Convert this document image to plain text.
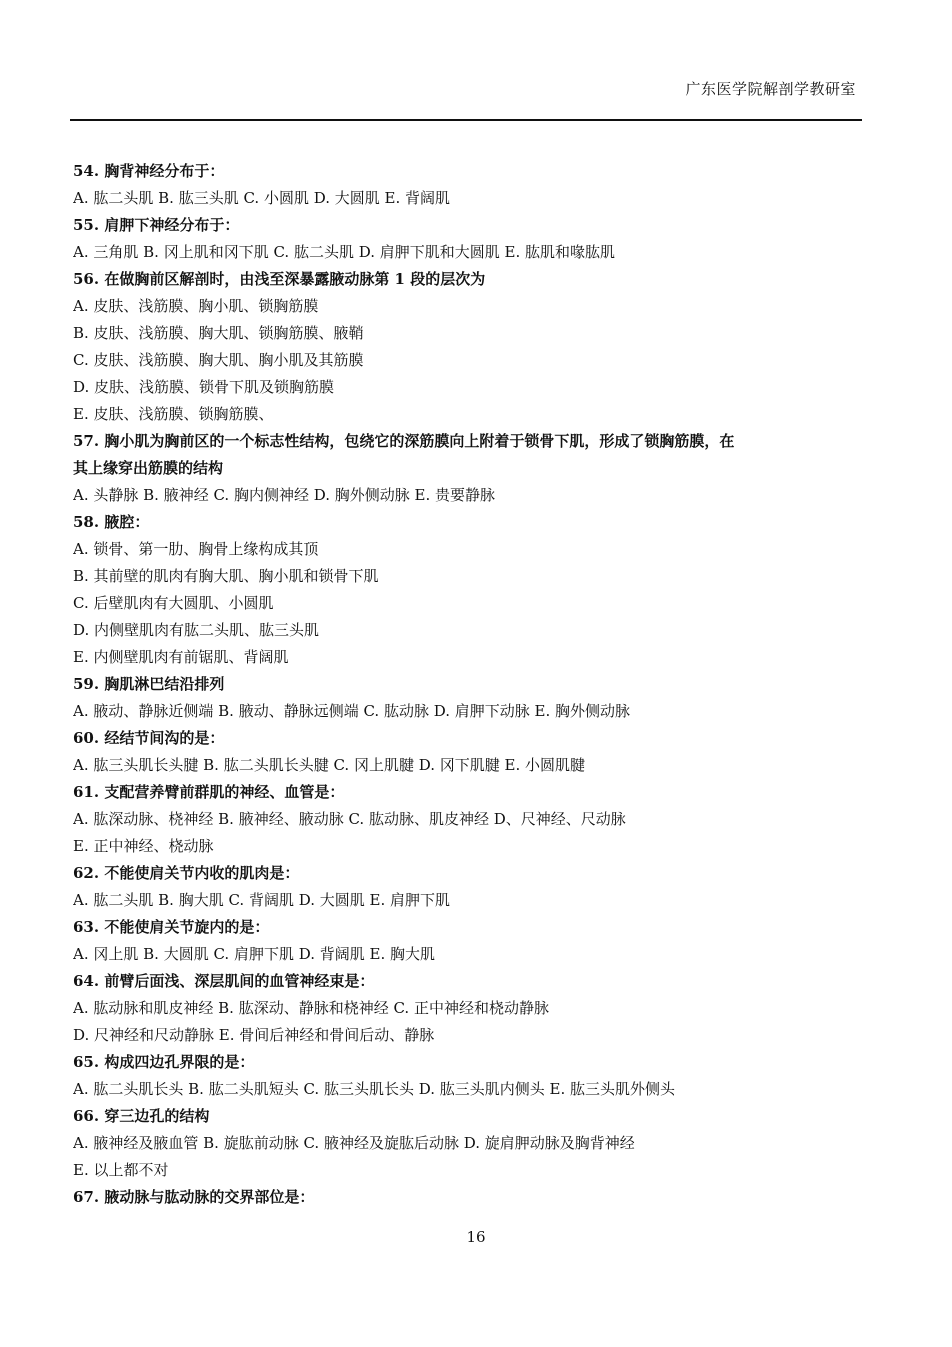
广东医学院解剖学教研室
54. 胸背神经分布于：
A. 肱二头肌 B. 肱三头肌 C. 小圆肌 D. 大圆肌 E. 背阔肌
55. 肩胛下神经分布于：
A. 三角肌 B. 冈上肌和冈下肌 C. 肱二头肌 D. 肩胛下肌和大圆肌 E. 肱肌和喙肱肌
56. 在做胸前区解剖时，由浅至深暴露腋动脉第 1 段的层次为
A. 皮肤、浅筋膜、胸小肌、锁胸筋膜
B. 皮肤、浅筋膜、胸大肌、锁胸筋膜、腋鞘
C. 皮肤、浅筋膜、胸大肌、胸小肌及其筋膜
D. 皮肤、浅筋膜、锁骨下肌及锁胸筋膜
E. 皮肤、浅筋膜、锁胸筋膜、
57. 胸小肌为胸前区的一个标志性结构，包绕它的深筋膜向上附着于锁骨下肌，形成了锁胸筋膜，在
其上缘穿出筋膜的结构
A. 头静脉 B. 腋神经 C. 胸内侧神经 D. 胸外侧动脉 E. 贵要静脉
58. 腋腔：
A. 锁骨、第一肋、胸骨上缘构成其顶
B. 其前壁的肌肉有胸大肌、胸小肌和锁骨下肌
C. 后壁肌肉有大圆肌、小圆肌
D. 内侧壁肌肉有肱二头肌、肱三头肌
E. 内侧壁肌肉有前锯肌、背阔肌
59. 胸肌淋巴结沿排列
A. 腋动、静脉近侧端 B. 腋动、静脉远侧端 C. 肱动脉 D. 肩胛下动脉 E. 胸外侧动脉
60. 经结节间沟的是：
A. 肱三头肌长头腱 B. 肱二头肌长头腱 C. 冈上肌腱 D. 冈下肌腱 E. 小圆肌腱
61. 支配营养臂前群肌的神经、血管是：
A. 肱深动脉、桡神经 B. 腋神经、腋动脉 C. 肱动脉、肌皮神经 D、尺神经、尺动脉
E. 正中神经、桡动脉
62. 不能使肩关节内收的肌肉是：
A. 肱二头肌 B. 胸大肌 C. 背阔肌 D. 大圆肌 E. 肩胛下肌
63. 不能使肩关节旋内的是：
A. 冈上肌 B. 大圆肌 C. 肩胛下肌 D. 背阔肌 E. 胸大肌
64. 前臂后面浅、深层肌间的血管神经束是：
A. 肱动脉和肌皮神经 B. 肱深动、静脉和桡神经 C. 正中神经和桡动静脉
D. 尺神经和尺动静脉 E. 骨间后神经和骨间后动、静脉
65. 构成四边孔界限的是：
A. 肱二头肌长头 B. 肱二头肌短头 C. 肱三头肌长头 D. 肱三头肌内侧头 E. 肱三头肌外侧头
66. 穿三边孔的结构
A. 腋神经及腋血管 B. 旋肱前动脉 C. 腋神经及旋肱后动脉 D. 旋肩胛动脉及胸背神经
E. 以上都不对
67. 腋动脉与肱动脉的交界部位是：
16
